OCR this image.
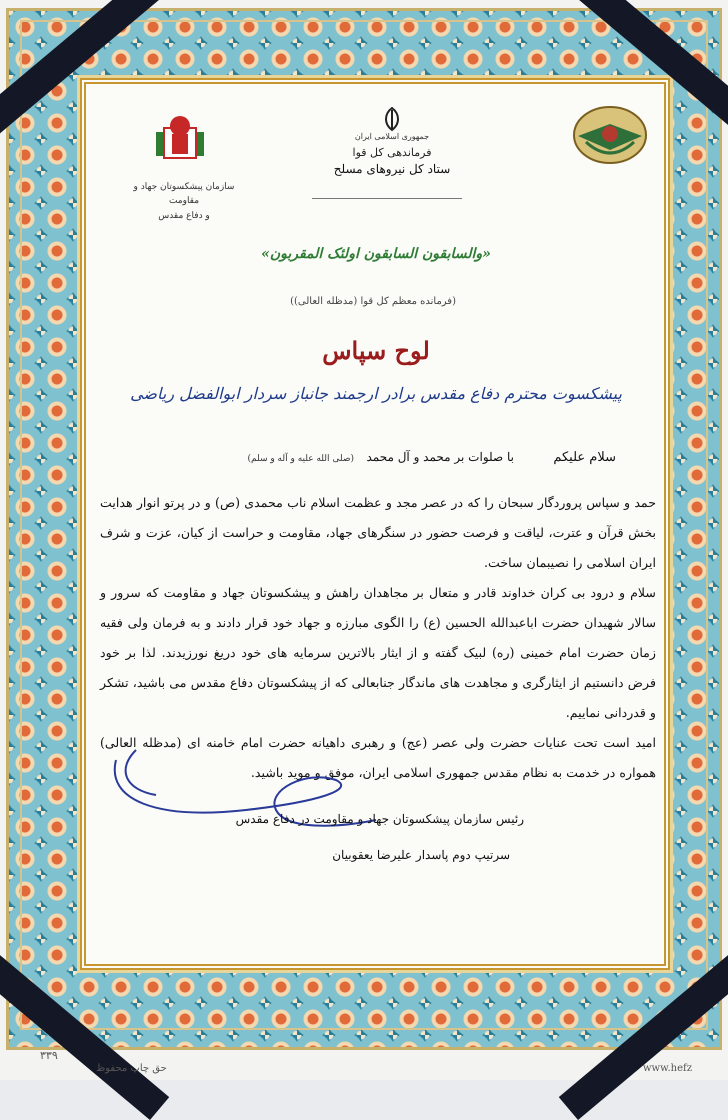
سازمان پیشکسوتان جهاد و مقاومت
و دفاع مقدس
جمهوری اسلامی ایران
فرماندهی کل قوا
ستاد کل نیروهای مسلح
«والسابقون السابقون اولئک المقربون»
(فرمانده معظم کل قوا (مدظله العالی))
لوح سپاس
پیشکسوت محترم دفاع مقدس برادر ارجمند جانباز سردار ابوالفضل ریاضی
سلام علیکم
با صلوات بر محمد و آل محمد
(صلی الله علیه و آله و سلم)

حمد و سپاس پروردگار سبحان را که در عصر مجد و عظمت اسلام ناب محمدی (ص) و در پرتو انوار هدایت بخش قرآن و عترت، لیاقت و فرصت حضور در سنگرهای جهاد، مقاومت و حراست از کیان، عزت و شرف ایران اسلامی را نصیبمان ساخت.

سلام و درود بی کران خداوند قادر و متعال بر مجاهدان راهش و پیشکسوتان جهاد و مقاومت که سرور و سالار شهیدان حضرت اباعبدالله الحسین (ع) را الگوی مبارزه و جهاد خود قرار دادند و به فرمان ولی فقیه زمان حضرت امام خمینی (ره) لبیک گفته و از ایثار بالاترین سرمایه های خود دریغ نورزیدند. لذا بر خود فرض دانستیم از ایثارگری و مجاهدت های ماندگار جنابعالی که از پیشکسوتان دفاع مقدس می باشید، تشکر و قدردانی نماییم.

امید است تحت عنایات حضرت ولی عصر (عج) و رهبری داهیانه حضرت امام خامنه ای (مدظله العالی) همواره در خدمت به نظام مقدس جمهوری اسلامی ایران، موفق و موید باشید.

رئیس سازمان پیشکسوتان جهاد و مقاومت در دفاع مقدس
سرتیپ دوم پاسدار علیرضا یعقوبیان
۳۳۹
حق چاپ محفوظ	www.hefz
